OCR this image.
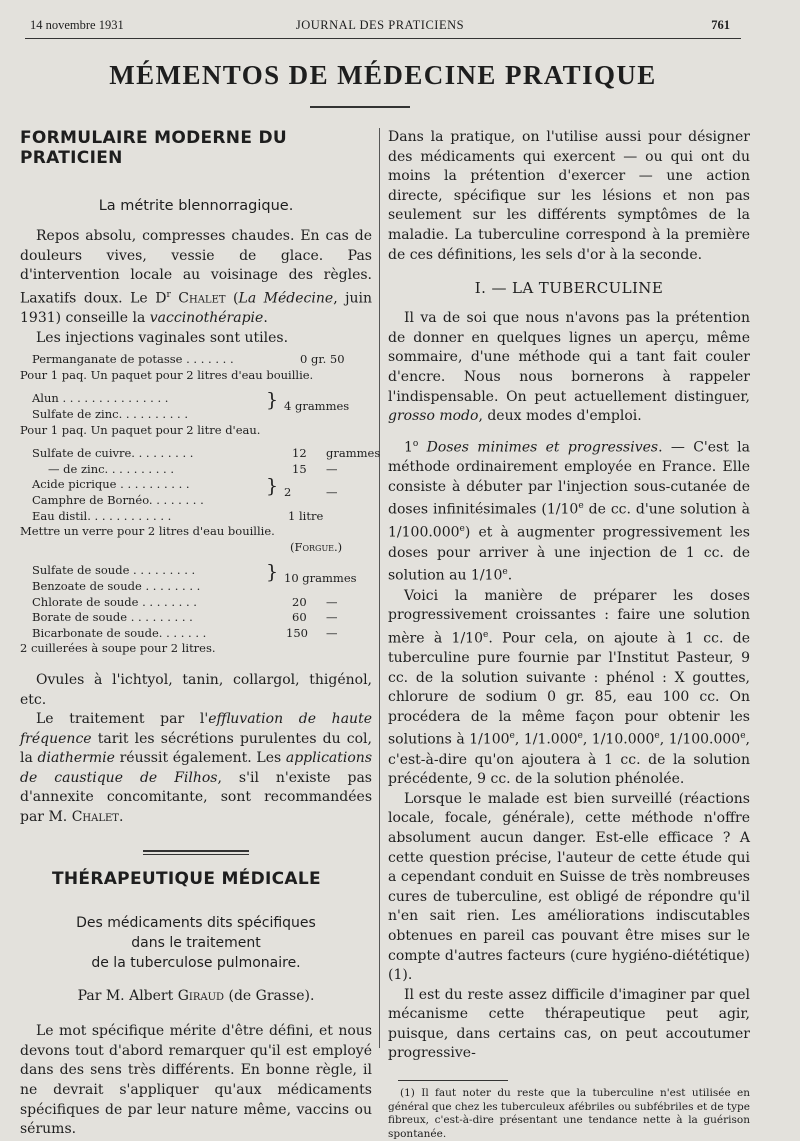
14 novembre 1931	JOURNAL DES PRATICIENS	761
MÉMENTOS DE MÉDECINE PRATIQUE
FORMULAIRE MODERNE DU PRATICIEN
La métrite blennorragique.

Repos absolu, compresses chaudes. En cas de douleurs vives, vessie de glace. Pas d'intervention locale au voisinage des règles. Laxatifs doux. Le $D^r$ Chalet (La Médecine, juin 1931) conseille la vaccinothérapie.

Les injections vaginales sont utiles.

Permanganate de potasse . . . . . . .	0 gr. 50
Pour 1 paq. Un paquet pour 2 litres d'eau bouillie.
Alun . . . . . . . . . . . . . . .	} 4 grammes
Sulfate de zinc. . . . . . . . . .
Pour 1 paq. Un paquet pour 2 litre d'eau.
Sulfate de cuivre. . . . . . . . .	12 grammes
— de zinc. . . . . . . . . .	15 —
Acide picrique . . . . . . . . . .	} 2	—
Camphre de Bornéo. . . . . . . .
Eau distil. . . . . . . . . . . .	1 litre
Mettre un verre pour 2 litres d'eau bouillie.
(Forgue.)
Sulfate de soude . . . . . . . . .	} 10 grammes
Benzoate de soude . . . . . . . .
Chlorate de soude . . . . . . . .	20 —
Borate de soude . . . . . . . . .	60 —
Bicarbonate de soude. . . . . . .	150 —
2 cuillerées à soupe pour 2 litres.

Ovules à l'ichtyol, tanin, collargol, thigénol, etc.

Le traitement par l'effluvation de haute fréquence tarit les sécrétions purulentes du col, la diathermie réussit également. Les applications de caustique de Filhos, s'il n'existe pas d'annexite concomitante, sont recommandées par M. Chalet.

THÉRAPEUTIQUE MÉDICALE
Des médicaments dits spécifiques
dans le traitement
de la tuberculose pulmonaire.
Par M. Albert Giraud (de Grasse).

Le mot spécifique mérite d'être défini, et nous devons tout d'abord remarquer qu'il est employé dans des sens très différents. En bonne règle, il ne devrait s'appliquer qu'aux médicaments spécifiques de par leur nature même, vaccins ou sérums.

Dans la pratique, on l'utilise aussi pour désigner des médicaments qui exercent — ou qui ont du moins la prétention d'exercer — une action directe, spécifique sur les lésions et non pas seulement sur les différents symptômes de la maladie. La tuberculine correspond à la première de ces définitions, les sels d'or à la seconde.

I. — LA TUBERCULINE

Il va de soi que nous n'avons pas la prétention de donner en quelques lignes un aperçu, même sommaire, d'une méthode qui a tant fait couler d'encre. Nous nous bornerons à rappeler l'indispensable. On peut actuellement distinguer, grosso modo, deux modes d'emploi.

1$^o$ Doses minimes et progressives. — C'est la méthode ordinairement employée en France. Elle consiste à débuter par l'injection sous-cutanée de doses infinitésimales (1/10e de cc. d'une solution à 1/100.000e) et à augmenter progressivement les doses pour arriver à une injection de 1 cc. de solution au 1/10e.

Voici la manière de préparer les doses progressivement croissantes : faire une solution mère à 1/10e. Pour cela, on ajoute à 1 cc. de tuberculine pure fournie par l'Institut Pasteur, 9 cc. de la solution suivante : phénol : X gouttes, chlorure de sodium 0 gr. 85, eau 100 cc. On procédera de la même façon pour obtenir les solutions à 1/100e, 1/1.000e, 1/10.000e, 1/100.000e, c'est-à-dire qu'on ajoutera à 1 cc. de la solution précédente, 9 cc. de la solution phénolée.

Lorsque le malade est bien surveillé (réactions locale, focale, générale), cette méthode n'offre absolument aucun danger. Est-elle efficace ? A cette question précise, l'auteur de cette étude qui a cependant conduit en Suisse de très nombreuses cures de tuberculine, est obligé de répondre qu'il n'en sait rien. Les améliorations indiscutables obtenues en pareil cas pouvant être mises sur le compte d'autres facteurs (cure hygiéno-diététique) (1).

Il est du reste assez difficile d'imaginer par quel mécanisme cette thérapeutique peut agir, puisque, dans certains cas, on peut accoutumer progressive-

(1) Il faut noter du reste que la tuberculine n'est utilisée en général que chez les tuberculeux afébriles ou subfébriles et de type fibreux, c'est-à-dire présentant une tendance nette à la guérison spontanée.
